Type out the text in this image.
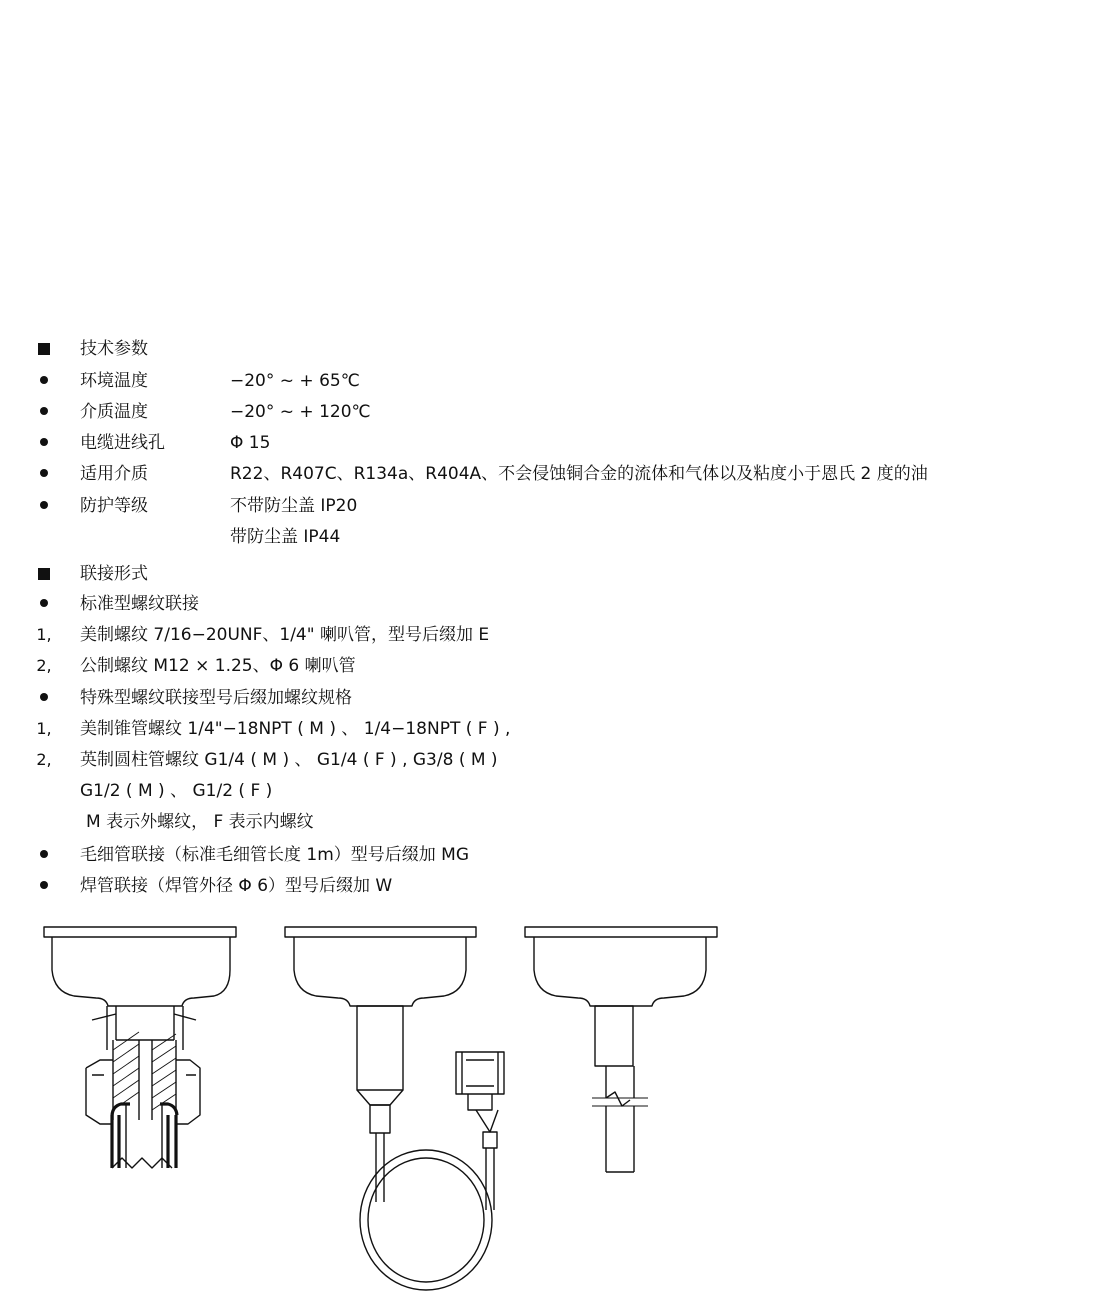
技术参数
环境温度	−20° ~ + 65℃
介质温度	−20° ~ + 120℃
电缆进线孔	Φ 15
适用介质	R22、R407C、R134a、R404A、不会侵蚀铜合金的流体和气体以及粘度小于恩氏 2 度的油
防护等级	不带防尘盖 IP20
带防尘盖 IP44
联接形式
标准型螺纹联接
1, 美制螺纹 7/16−20UNF、1/4" 喇叭管，型号后缀加 E
2, 公制螺纹 M12 × 1.25、Φ 6 喇叭管
特殊型螺纹联接型号后缀加螺纹规格
1, 美制锥管螺纹 1/4"−18NPT ( M ) 、 1/4−18NPT ( F ) ,
2, 英制圆柱管螺纹 G1/4 ( M ) 、 G1/4 ( F ) , G3/8 ( M )
G1/2 ( M ) 、 G1/2 ( F )
M 表示外螺纹， F 表示内螺纹
毛细管联接（标准毛细管长度 1m）型号后缀加 MG
焊管联接（焊管外径 Φ 6）型号后缀加 W
